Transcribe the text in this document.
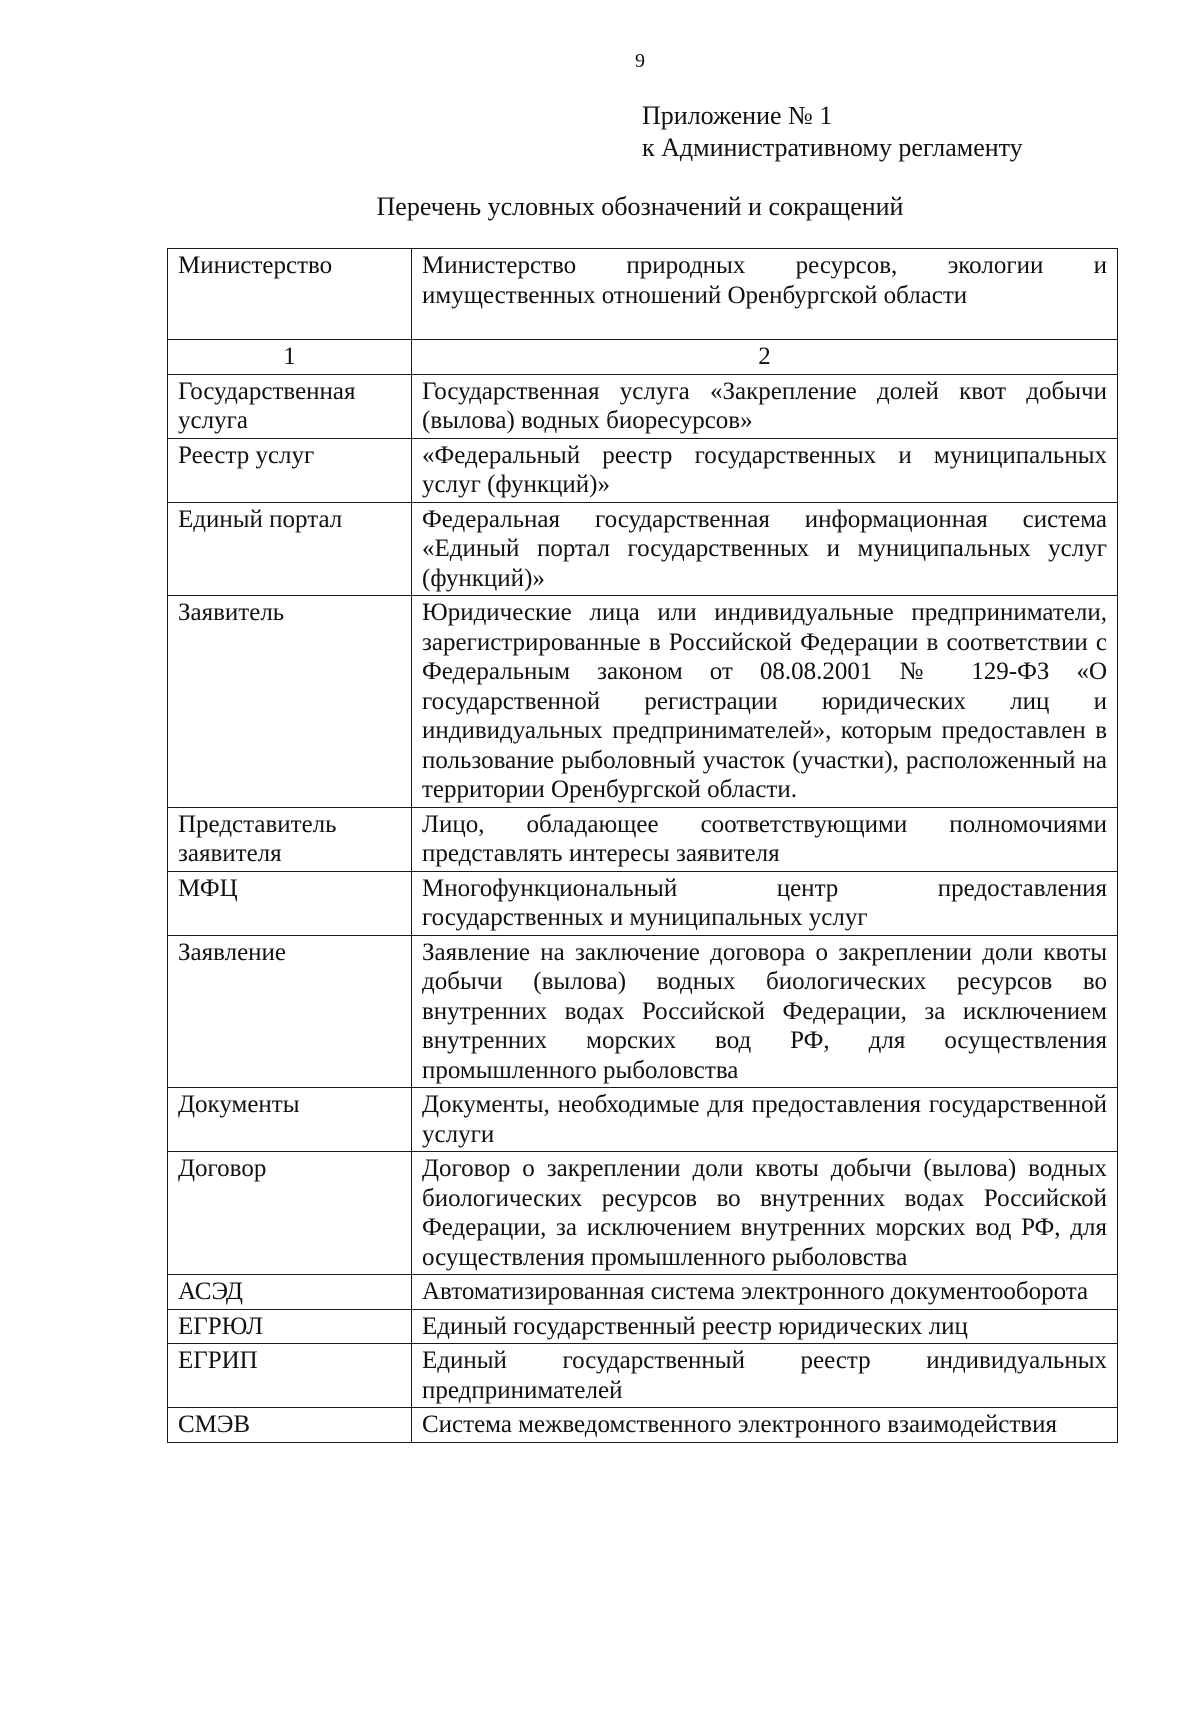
9
Приложение № 1
к Административному регламенту
Перечень условных обозначений и сокращений
Министерство	Министерство природных ресурсов, экологии и имущественных отношений Оренбургской области
1	2
Государственная услуга	Государственная услуга «Закрепление долей квот добычи (вылова) водных биоресурсов»
Реестр услуг	«Федеральный реестр государственных и муниципальных услуг (функций)»
Единый портал	Федеральная государственная информационная система «Единый портал государственных и муниципальных услуг (функций)»
Заявитель	Юридические лица или индивидуальные предприниматели, зарегистрированные в Российской Федерации в соответствии с Федеральным законом от 08.08.2001 № 129-ФЗ «О государственной регистрации юридических лиц и индивидуальных предпринимателей», которым предоставлен в пользование рыболовный участок (участки), расположенный на территории Оренбургской области.
Представитель заявителя	Лицо, обладающее соответствующими полномочиями представлять интересы заявителя
МФЦ	Многофункциональный центр предоставления государственных и муниципальных услуг
Заявление	Заявление на заключение договора о закреплении доли квоты добычи (вылова) водных биологических ресурсов во внутренних водах Российской Федерации, за исключением внутренних морских вод РФ, для осуществления промышленного рыболовства
Документы	Документы, необходимые для предоставления государственной услуги
Договор	Договор о закреплении доли квоты добычи (вылова) водных биологических ресурсов во внутренних водах Российской Федерации, за исключением внутренних морских вод РФ, для осуществления промышленного рыболовства
АСЭД	Автоматизированная система электронного документооборота
ЕГРЮЛ	Единый государственный реестр юридических лиц
ЕГРИП	Единый государственный реестр индивидуальных предпринимателей
СМЭВ	Система межведомственного электронного взаимодействия
